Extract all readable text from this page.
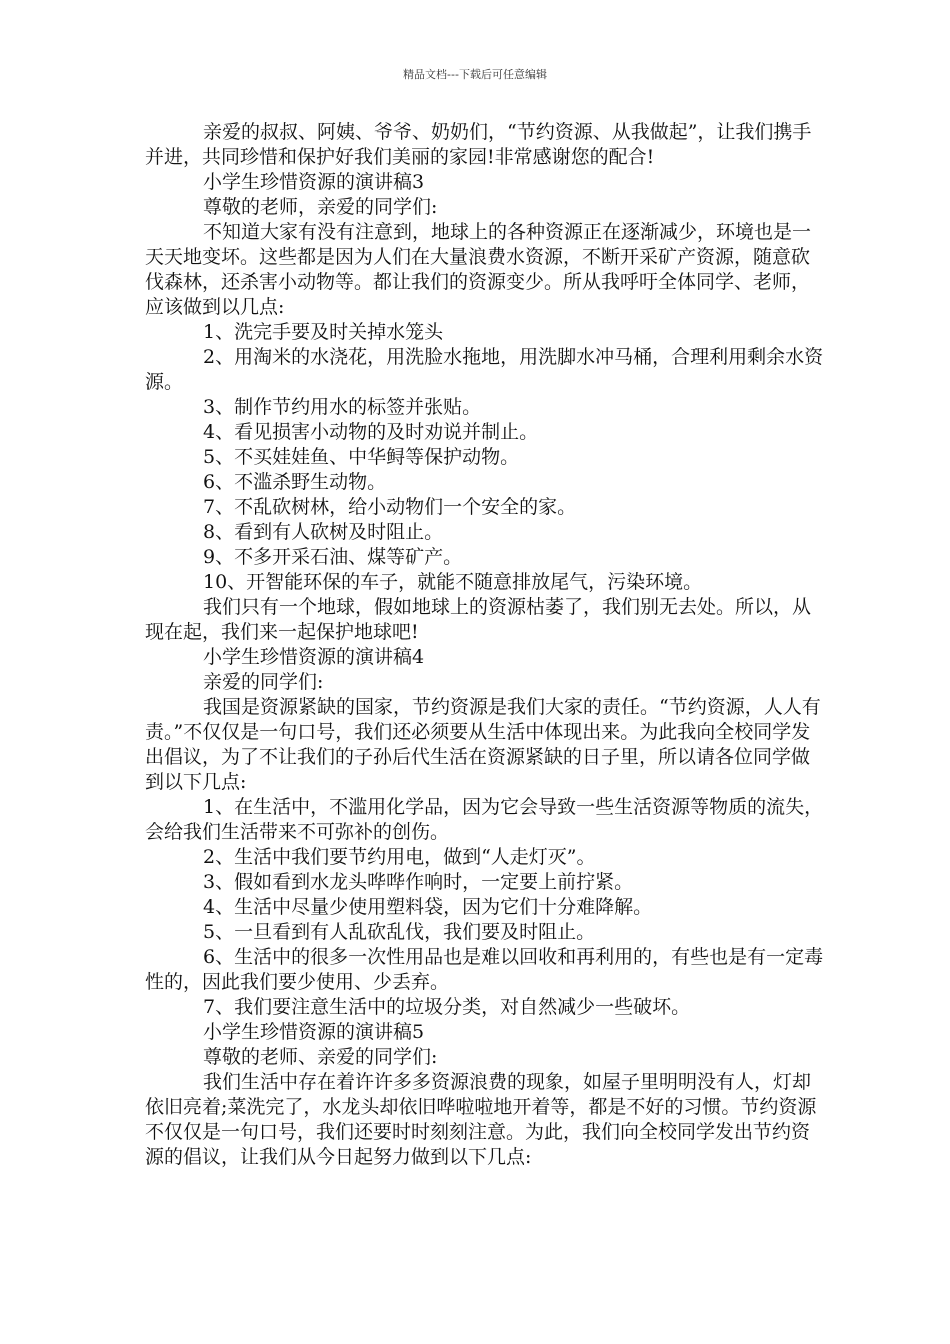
精品文档---下载后可任意编辑

亲爱的叔叔、阿姨、爷爷、奶奶们，“节约资源、从我做起”，让我们携手并进，共同珍惜和保护好我们美丽的家园!非常感谢您的配合!

小学生珍惜资源的演讲稿3

尊敬的老师，亲爱的同学们:

不知道大家有没有注意到，地球上的各种资源正在逐渐减少，环境也是一天天地变坏。这些都是因为人们在大量浪费水资源，不断开采矿产资源，随意砍伐森林，还杀害小动物等。都让我们的资源变少。所从我呼吁全体同学、老师，应该做到以几点:

1、洗完手要及时关掉水笼头

2、用淘米的水浇花，用洗脸水拖地，用洗脚水冲马桶，合理利用剩余水资源。

3、制作节约用水的标签并张贴。

4、看见损害小动物的及时劝说并制止。

5、不买娃娃鱼、中华鲟等保护动物。

6、不滥杀野生动物。

7、不乱砍树林，给小动物们一个安全的家。

8、看到有人砍树及时阻止。

9、不多开采石油、煤等矿产。

10、开智能环保的车子，就能不随意排放尾气，污染环境。

我们只有一个地球，假如地球上的资源枯萎了，我们别无去处。所以，从现在起，我们来一起保护地球吧!

小学生珍惜资源的演讲稿4

亲爱的同学们:

我国是资源紧缺的国家，节约资源是我们大家的责任。“节约资源，人人有责。”不仅仅是一句口号，我们还必须要从生活中体现出来。为此我向全校同学发出倡议，为了不让我们的子孙后代生活在资源紧缺的日子里，所以请各位同学做到以下几点:

1、在生活中，不滥用化学品，因为它会导致一些生活资源等物质的流失，会给我们生活带来不可弥补的创伤。

2、生活中我们要节约用电，做到“人走灯灭”。

3、假如看到水龙头哗哗作响时，一定要上前拧紧。

4、生活中尽量少使用塑料袋，因为它们十分难降解。

5、一旦看到有人乱砍乱伐，我们要及时阻止。

6、生活中的很多一次性用品也是难以回收和再利用的，有些也是有一定毒性的，因此我们要少使用、少丢弃。

7、我们要注意生活中的垃圾分类，对自然减少一些破坏。

小学生珍惜资源的演讲稿5

尊敬的老师、亲爱的同学们:

我们生活中存在着许许多多资源浪费的现象，如屋子里明明没有人，灯却依旧亮着;菜洗完了，水龙头却依旧哗啦啦地开着等，都是不好的习惯。节约资源不仅仅是一句口号，我们还要时时刻刻注意。为此，我们向全校同学发出节约资源的倡议，让我们从今日起努力做到以下几点:
